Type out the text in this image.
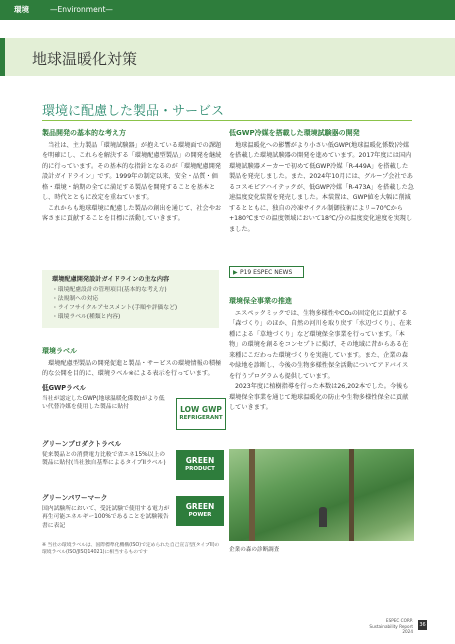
環境	—Environment—
地球温暖化対策
環境に配慮した製品・サービス
製品開発の基本的な考え方

当社は、主力製品「環境試験器」が抱えている環境面での課題を明確にし、これらを解決する「環境配慮型製品」の開発を継続的に行っています。その基本的な指針となるのが「環境配慮開発設計ガイドライン」です。1999年の制定以来、安全・品質・価格・環境・納期の全てに満足する製品を開発することを基本とし、時代とともに改定を重ねています。

これからも地球環境に配慮した製品の創出を通じて、社会やお客さまに貢献することを目標に活動していきます。

環境配慮開発設計ガイドラインの主な内容
・環境配慮設計の管理項目(基本的な考え方)
・法規制への対応
・ライフサイクルアセスメント(手順や評価など)
・環境ラベル(種類と内容)
環境ラベル

環境配慮型製品の開発促進と製品・サービスの環境情報の積極的な公開を目的に、環境ラベル※による表示を行っています。

低GWPラベル
当社が認定したGWP(地球温暖化係数)がより低い代替冷媒を使用した製品に貼付	LOW GWP
REFRIGERANT
グリーンプロダクトラベル
従来製品との消費電力比較で省エネ15%以上の製品に貼付(当社独自基準によるタイプIIラベル)	GREEN
PRODUCT
グリーンパワーマーク
国内試験所において、受託試験で使用する電力が再生可能エネルギー100%であることを試験報告書に表記
GREEN
POWER
※ 当社の環境ラベルは、国際標準化機構(ISO)で定められた自己宣言型(タイプII)の環境ラベル(ISO/JISQ14021)に相当するものです
低GWP冷媒を搭載した環境試験器の開発

地球温暖化への影響がより小さい低GWP(地球温暖化係数)冷媒を搭載した環境試験器の開発を進めています。2017年度には国内環境試験器メーカーで初めて低GWP冷媒「R-449A」を搭載した製品を発売しました。また、2024年10月には、グループ会社であるコスモピアハイテックが、低GWP冷媒「R-473A」を搭載した急速温度変化装置を発売しました。本装置は、GWP値を大幅に削減するとともに、独自の冷凍サイクル制御技術によリ−70℃から+180℃までの温度領域において18℃/分の温度変化速度を実現しました。

▶ P19 ESPEC NEWS
環境保全事業の推進

エスペックミックでは、生物多様性やCO₂の固定化に貢献する「森づくり」のほか、自然の河川を取り戻す「水辺づくり」、在来種による「草地づくり」など環境保全事業を行っています。「本物」の環境を創るをコンセプトに掲げ、その地域に昔からある在来種にこだわった環境づくりを実施しています。また、企業の森や緑地を診断し、今後の生物多様性保全活動についてアドバイスを行うプログラムも提供しています。

2023年度に植樹指導を行った本数は26,202本でした。今後も環境保全事業を通じて地球温暖化の防止や生物多様性保全に貢献していきます。

企業の森の診断調査
ESPEC CORP.
Sustainability Report
2024
36
